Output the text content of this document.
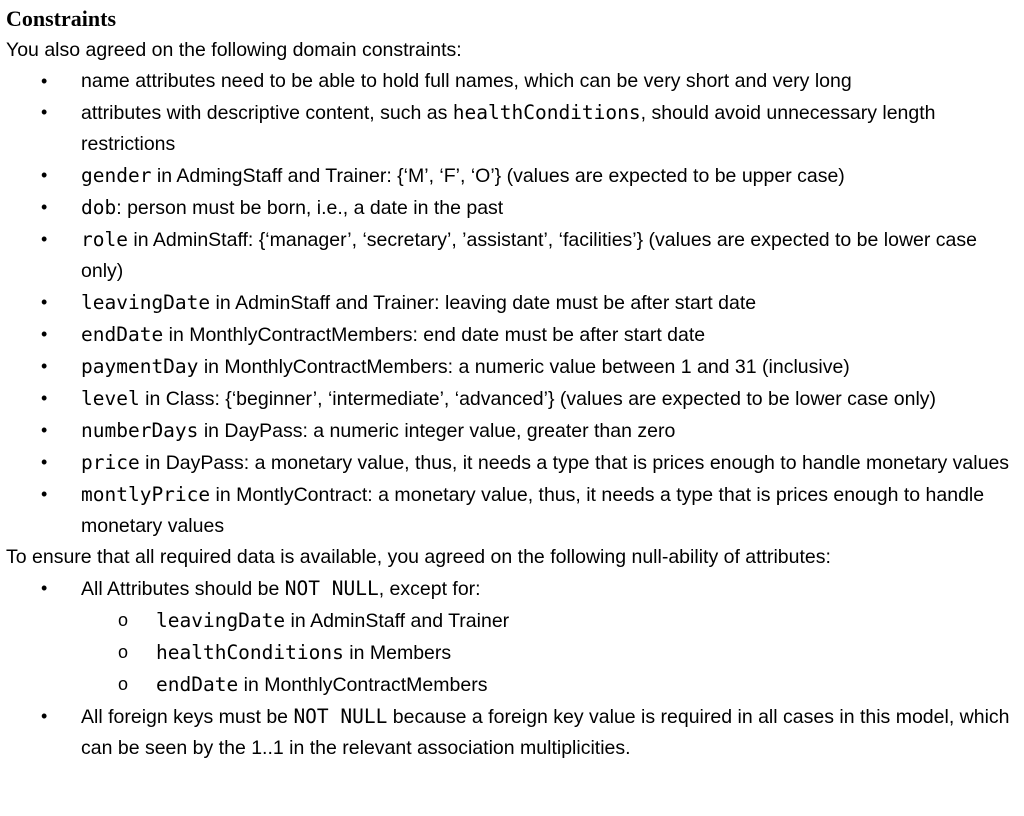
Constraints

You also agreed on the following domain constraints:

• name attributes need to be able to hold full names, which can be very short and very long
• attributes with descriptive content, such as healthConditions, should avoid unnecessary length restrictions
• gender in AdmingStaff and Trainer: {‘M’, ‘F’, ‘O’} (values are expected to be upper case)
• dob: person must be born, i.e., a date in the past
• role in AdminStaff: {‘manager’, ‘secretary’, ’assistant’, ‘facilities’} (values are expected to be lower case only)
• leavingDate in AdminStaff and Trainer: leaving date must be after start date
• endDate in MonthlyContractMembers: end date must be after start date
• paymentDay in MonthlyContractMembers: a numeric value between 1 and 31 (inclusive)
• level in Class: {‘beginner’, ‘intermediate’, ‘advanced’} (values are expected to be lower case only)
• numberDays in DayPass: a numeric integer value, greater than zero
• price in DayPass: a monetary value, thus, it needs a type that is prices enough to handle monetary values
• montlyPrice in MontlyContract: a monetary value, thus, it needs a type that is prices enough to handle monetary values

To ensure that all required data is available, you agreed on the following null-ability of attributes:

• All Attributes should be NOT NULL, except for:
o leavingDate in AdminStaff and Trainer
o healthConditions in Members
o endDate in MonthlyContractMembers
• All foreign keys must be NOT NULL because a foreign key value is required in all cases in this model, which can be seen by the 1..1 in the relevant association multiplicities.
